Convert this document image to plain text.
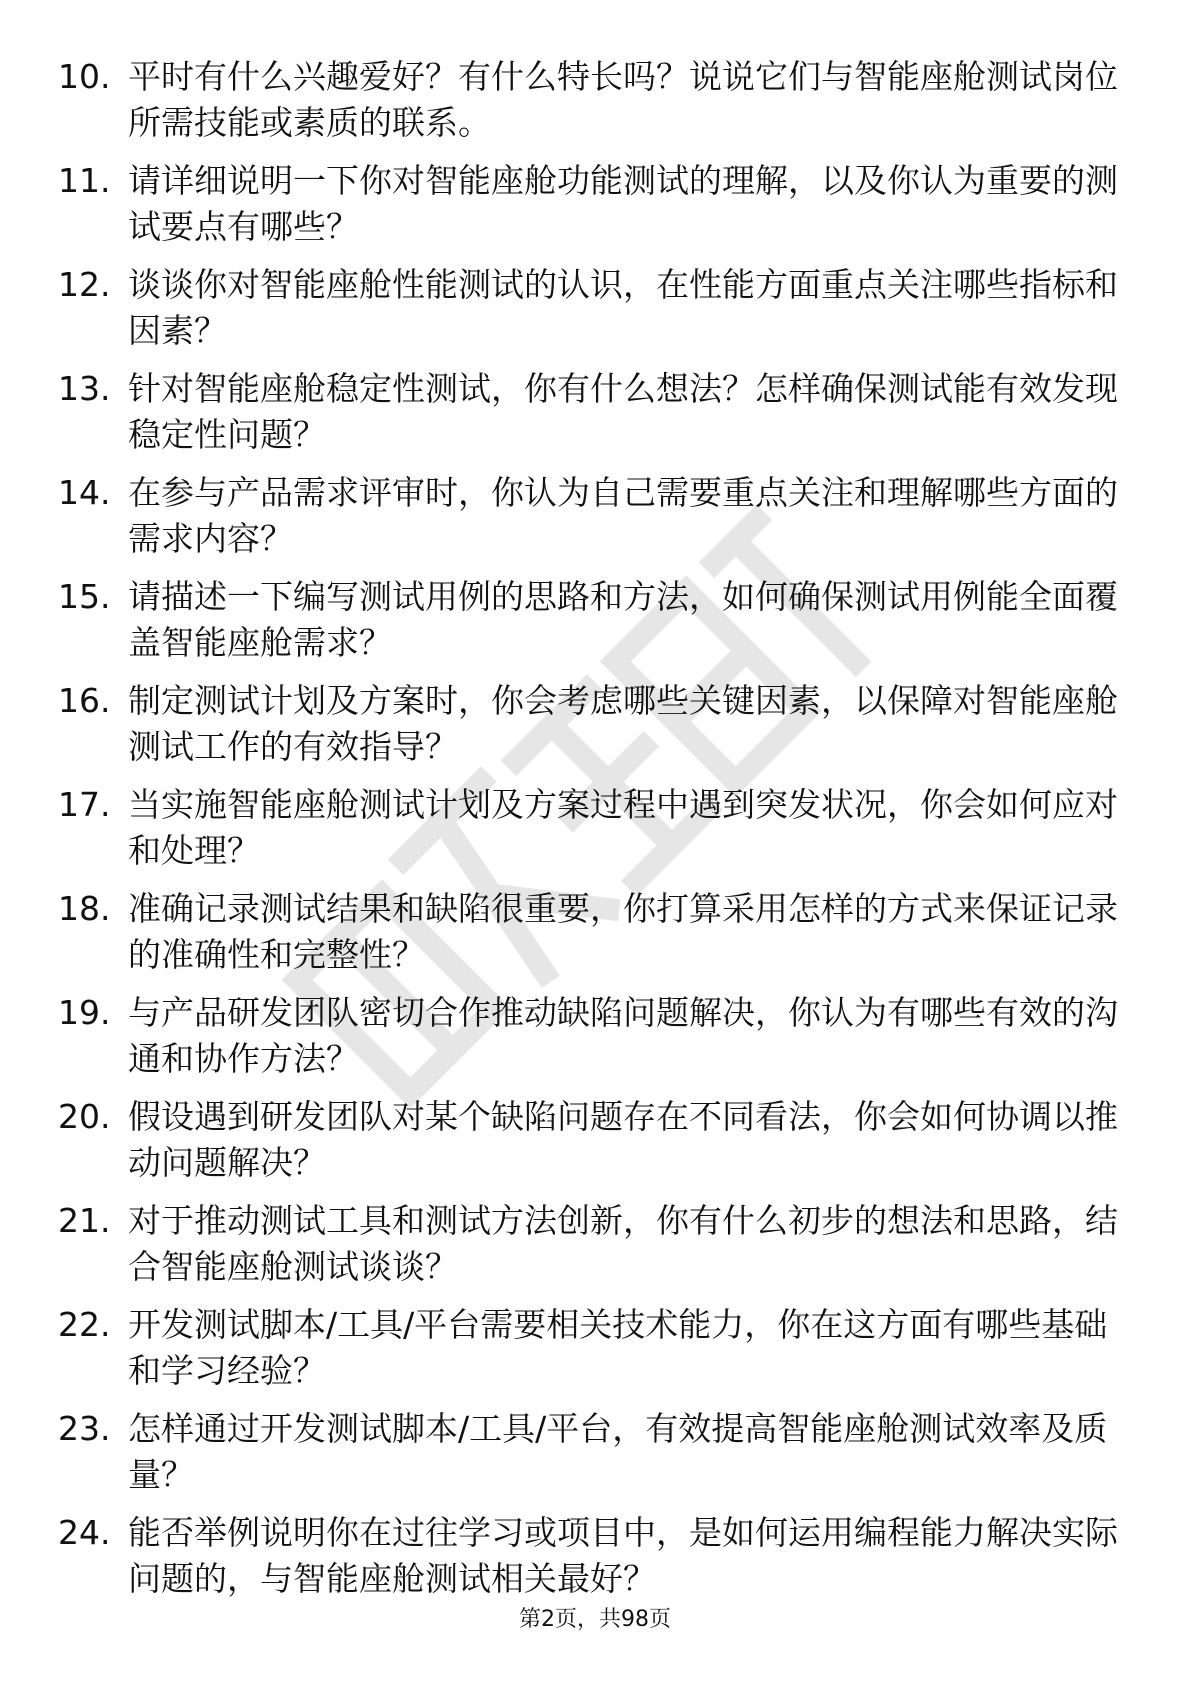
10. 平时有什么兴趣爱好？有什么特长吗？说说它们与智能座舱测试岗位所需技能或素质的联系。
11. 请详细说明一下你对智能座舱功能测试的理解，以及你认为重要的测试要点有哪些？
12. 谈谈你对智能座舱性能测试的认识，在性能方面重点关注哪些指标和因素？
13. 针对智能座舱稳定性测试，你有什么想法？怎样确保测试能有效发现稳定性问题？
14. 在参与产品需求评审时，你认为自己需要重点关注和理解哪些方面的需求内容？
15. 请描述一下编写测试用例的思路和方法，如何确保测试用例能全面覆盖智能座舱需求？
16. 制定测试计划及方案时，你会考虑哪些关键因素，以保障对智能座舱测试工作的有效指导？
17. 当实施智能座舱测试计划及方案过程中遇到突发状况，你会如何应对和处理？
18. 准确记录测试结果和缺陷很重要，你打算采用怎样的方式来保证记录的准确性和完整性？
19. 与产品研发团队密切合作推动缺陷问题解决，你认为有哪些有效的沟通和协作方法？
20. 假设遇到研发团队对某个缺陷问题存在不同看法，你会如何协调以推动问题解决？
21. 对于推动测试工具和测试方法创新，你有什么初步的想法和思路，结合智能座舱测试谈谈？
22. 开发测试脚本/工具/平台需要相关技术能力，你在这方面有哪些基础和学习经验？
23. 怎样通过开发测试脚本/工具/平台，有效提高智能座舱测试效率及质量？
24. 能否举例说明你在过往学习或项目中，是如何运用编程能力解决实际问题的，与智能座舱测试相关最好？
第2页，共98页
